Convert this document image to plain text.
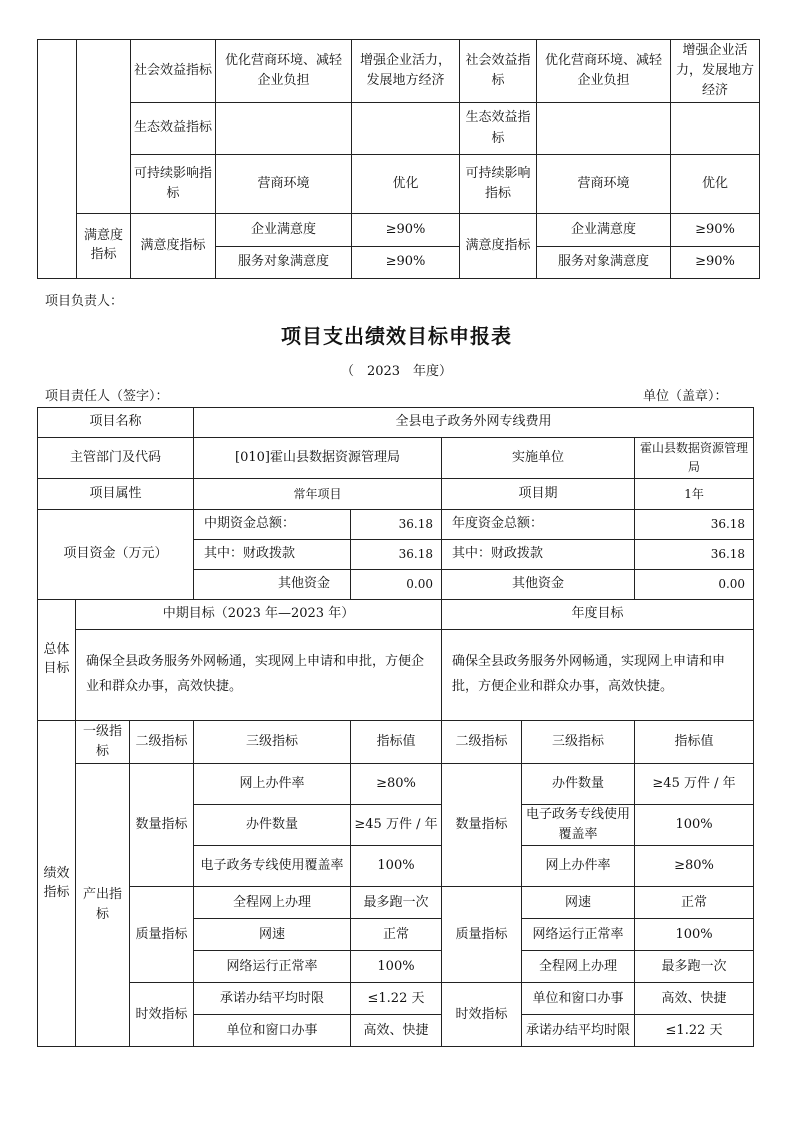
		社会效益指标	优化营商环境、减轻企业负担	增强企业活力，发展地方经济	社会效益指标	优化营商环境、减轻企业负担	增强企业活力，发展地方经济
		生态效益指标			生态效益指标		
		可持续影响指标	营商环境	优化	可持续影响指标	营商环境	优化
	满意度指标	满意度指标	企业满意度	≥90%	满意度指标	企业满意度	≥90%
			服务对象满意度	≥90%		服务对象满意度	≥90%
项目负责人：
项目支出绩效目标申报表
（　2023　年度）
项目责任人（签字）：	单位（盖章）：
项目名称			全县电子政务外网专线费用				
主管部门及代码			[010]霍山县数据资源管理局		实施单位		霍山县数据资源管理局
项目属性			常年项目		项目期		1年
项目资金（万元）			中期资金总额：	36.18	年度资金总额：		36.18
			其中：财政拨款	36.18	其中：财政拨款		36.18
			其他资金	0.00	其他资金		0.00
总体目标	中期目标（2023 年—2023 年）				年度目标		
	确保全县政务服务外网畅通，实现网上申请和申批，方便企业和群众办事，高效快捷。				确保全县政务服务外网畅通，实现网上申请和申批，方便企业和群众办事，高效快捷。		
绩效指标	一级指标	二级指标	三级指标	指标值	二级指标	三级指标	指标值
	产出指标	数量指标	网上办件率	≥80%	数量指标	办件数量	≥45 万件 / 年
			办件数量	≥45 万件 / 年		电子政务专线使用覆盖率	100%
			电子政务专线使用覆盖率	100%		网上办件率	≥80%
		质量指标	全程网上办理	最多跑一次	质量指标	网速	正常
			网速	正常		网络运行正常率	100%
			网络运行正常率	100%		全程网上办理	最多跑一次
		时效指标	承诺办结平均时限	≤1.22 天	时效指标	单位和窗口办事	高效、快捷
			单位和窗口办事	高效、快捷		承诺办结平均时限	≤1.22 天
